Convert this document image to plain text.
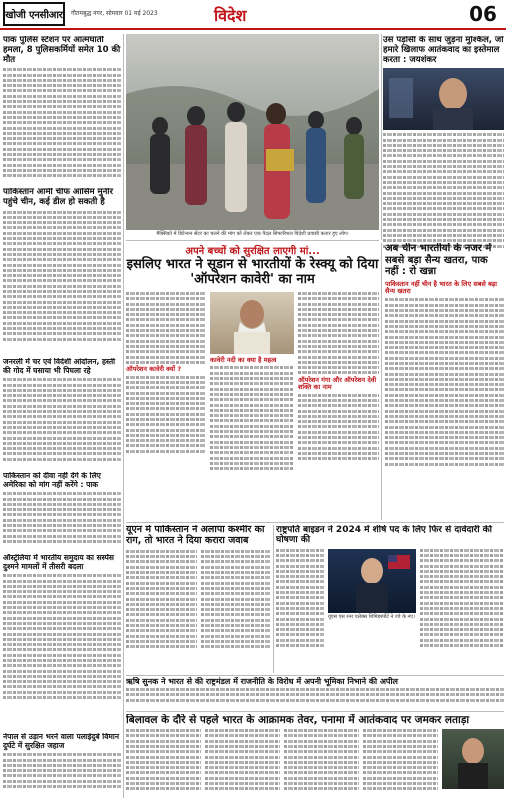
खोजी एनसीआर	गौतमबुद्ध नगर, सोमवार 01 मई 2023	विदेश	06
पाक पुलिस स्टेशन पर आत्मघाती हमला, 8 पुलिसकर्मियों समेत 10 की मौत
पाकिस्तान आर्मी चीफ आसिम मुनीर पहुंचे चीन, कई डील हो सकती है
जनरली में चर एवं विदेशी आंदोलन, हस्ती की गोद में घसाया भी पिघला रहे
पाकिस्तान को दीवा नहीं देंगे के लिए अमेरिका को मांग नहीं करेंगे : पाक
ऑस्ट्रेलिया में भारतीय समुदाय का सस्पेंस दुश्मने मामलों में तीसरी बदला
नेपाल से उड़ान भरने वाला पलाईदुर्ब विमान दुर्घटे में सुरक्षित जहाज
मैक्सिको में डिटेन्शन सेंटर का चलने की मांग को लेकर एक पैदल सिफारिशल विदेशी प्रवासी कतार हुए लोग।
उस पड़ोसी के साथ जुड़ना मुश्किल, जो हमारे खिलाफ आतंकवाद का इस्तेमाल करता : जयशंकर
अपने बच्चों को सुरक्षित लाएगी मां...
इसलिए भारत ने सूडान से भारतीयों के रेस्क्यू को दिया 'ऑपरेशन कावेरी' का नाम
ऑपरेशन कावेरी क्यों ?
कावेरी नदी का क्या है महत्व
ऑपरेशन गंगा और ऑपरेशन देवी शक्ति का नाम
अब चीन भारतीयों के नजर में सबसे बड़ा सैन्य खतरा, पाक नहीं : रो खन्ना
पाकिस्तान नहीं चीन है भारत के लिए सबसे बड़ा सैन्य खतरा
यूएन में पाकिस्तान ने अलापा कश्मीर का राग, तो भारत ने दिया करारा जवाब
राष्ट्रपति बाइडन ने 2024 में शीर्ष पद के लिए फिर से दावेदारी की घोषणा की
यूएस एस रनर एलेक्स शिमिडर्स्पोर्ट ने ज्वे के नए।
ऋषि सुनक ने भारत से की राष्ट्रमंडल में राजनीति के विरोध में अपनी भूमिका निभाने की अपील
बिलावल के दौरे से पहले भारत के आक्रामक तेवर, पनामा में आतंकवाद पर जमकर लताड़ा
